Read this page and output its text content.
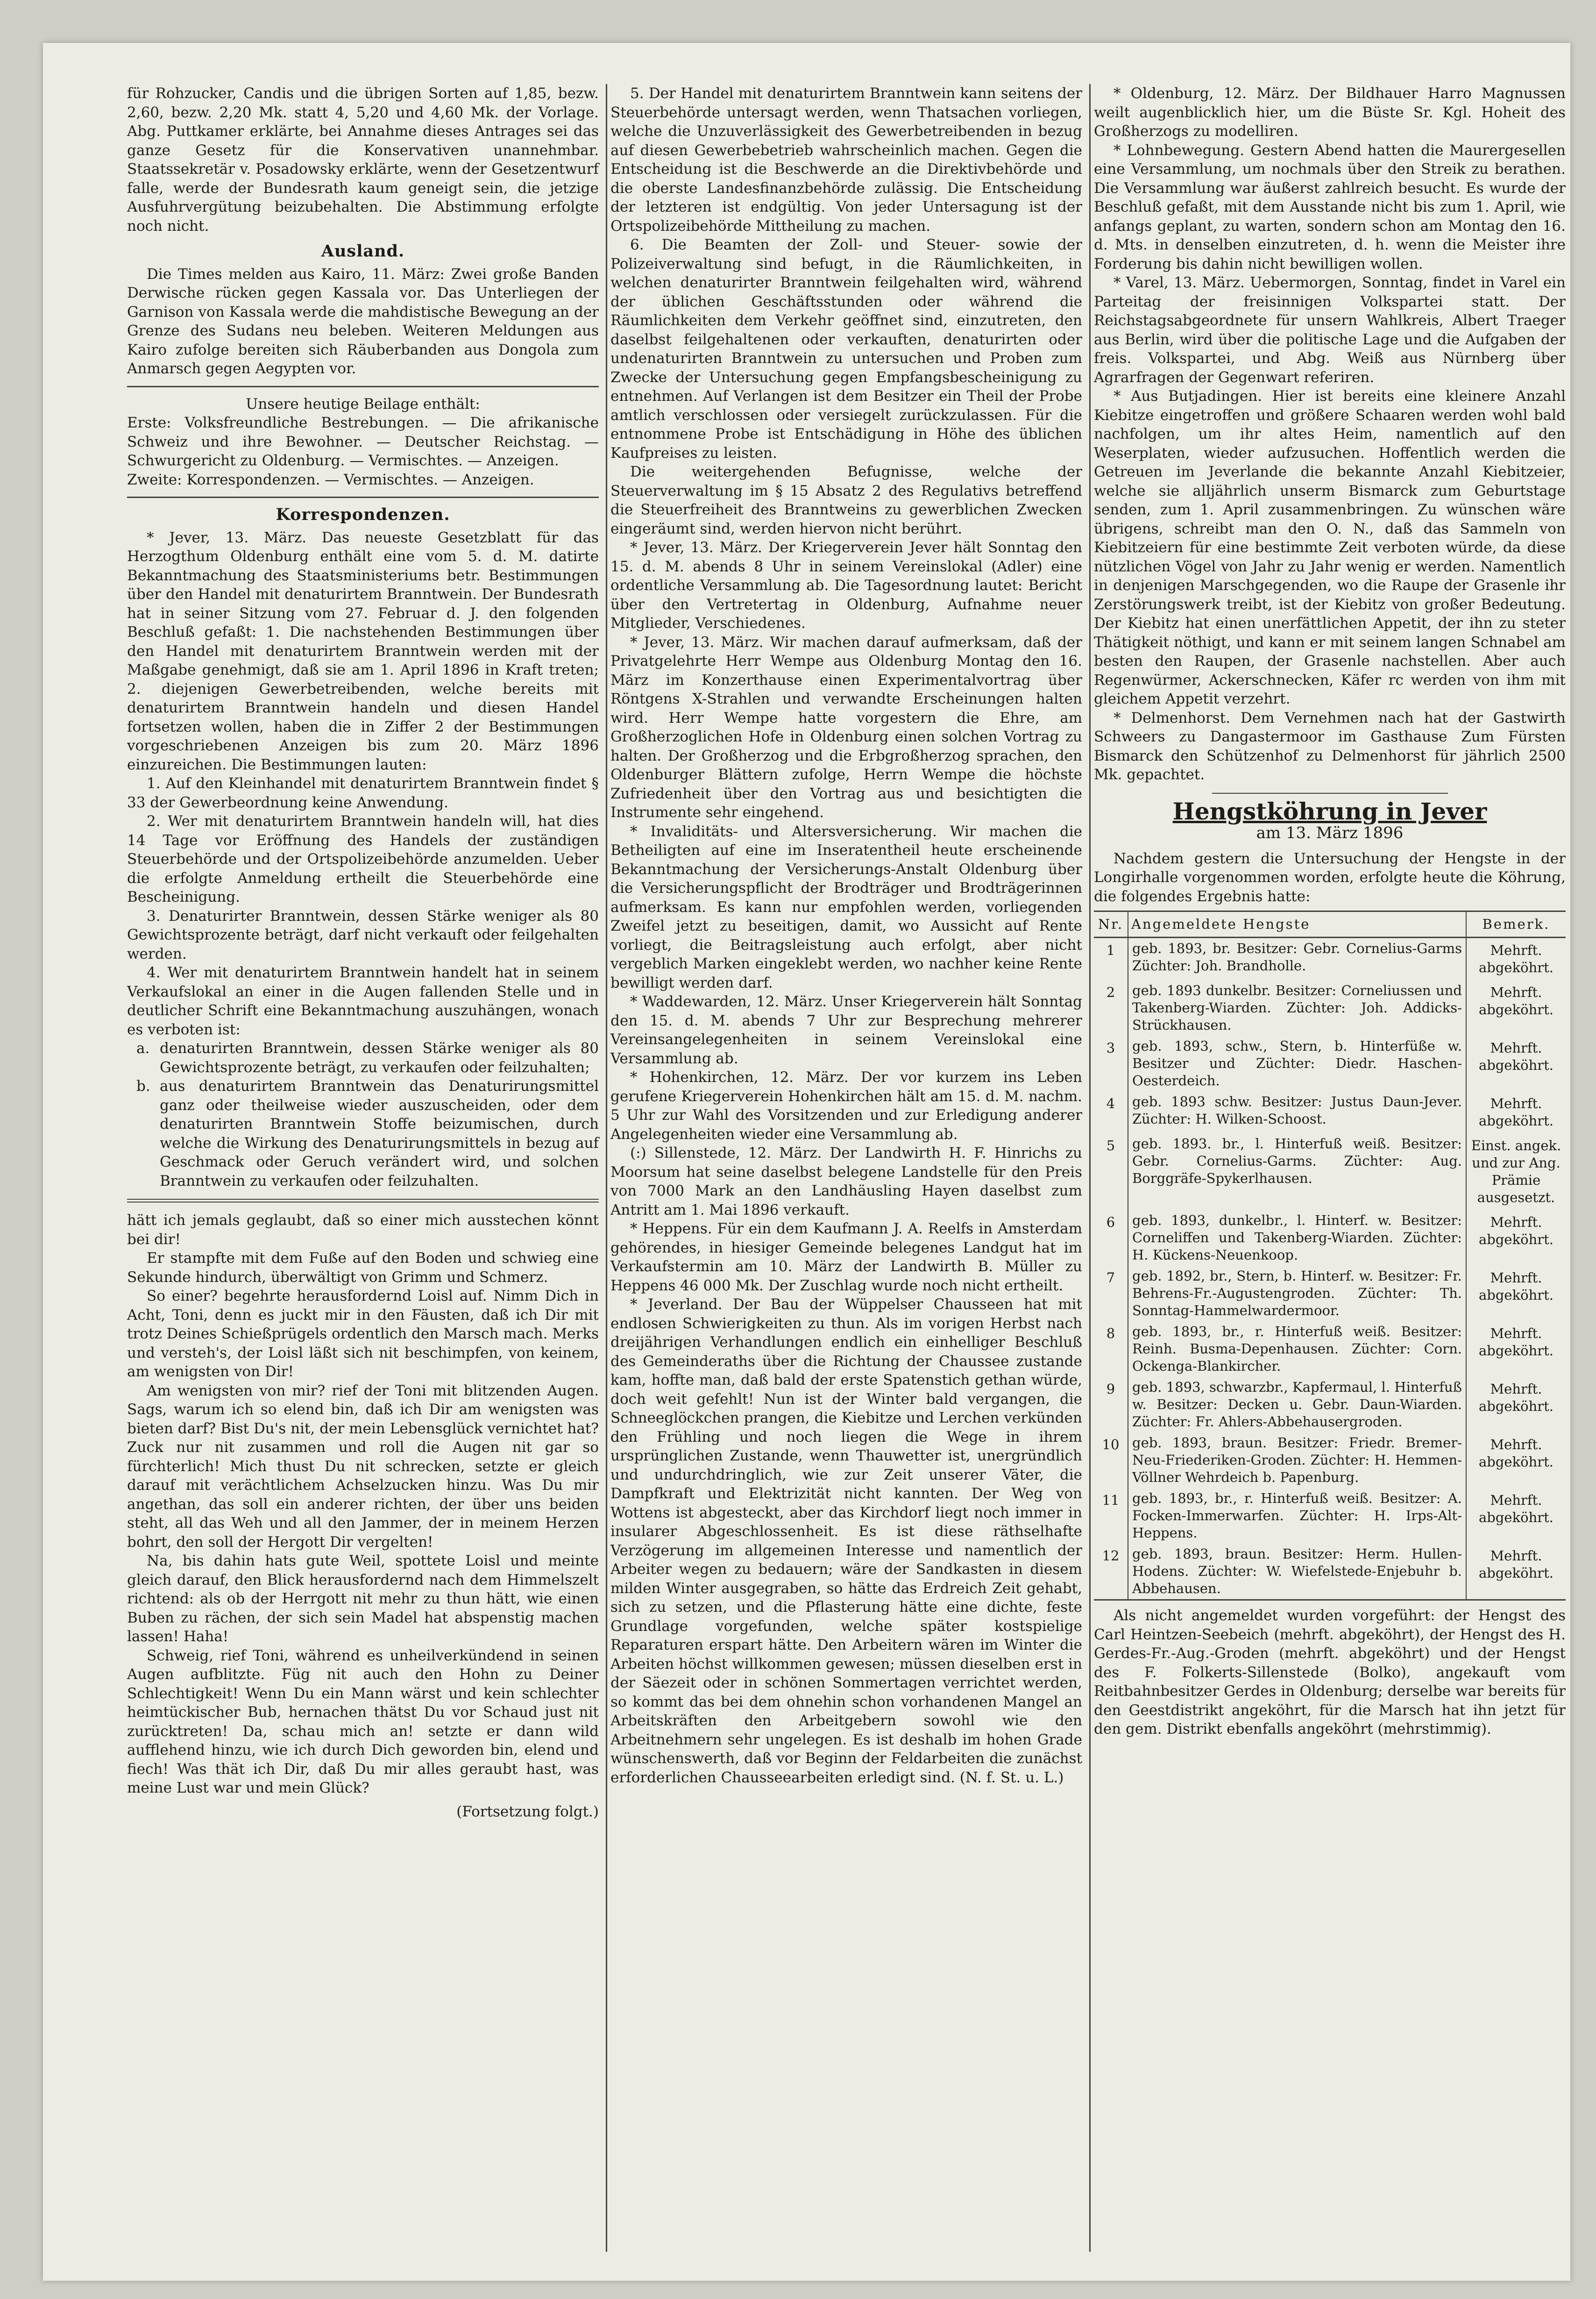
für Rohzucker, Candis und die übrigen Sorten auf 1,85, bezw. 2,60, bezw. 2,20 Mk. statt 4, 5,20 und 4,60 Mk. der Vorlage. Abg. Puttkamer erklärte, bei Annahme dieses Antrages sei das ganze Gesetz für die Konservativen unannehmbar. Staatssekretär v. Posadowsky erklärte, wenn der Gesetzentwurf falle, werde der Bundesrath kaum geneigt sein, die jetzige Ausfuhrvergütung beizubehalten. Die Abstimmung erfolgte noch nicht.

Ausland.

Die Times melden aus Kairo, 11. März: Zwei große Banden Derwische rücken gegen Kassala vor. Das Unterliegen der Garnison von Kassala werde die mahdistische Bewegung an der Grenze des Sudans neu beleben. Weiteren Meldungen aus Kairo zufolge bereiten sich Räuberbanden aus Dongola zum Anmarsch gegen Aegypten vor.

Unsere heutige Beilage enthält:

Erste: Volksfreundliche Bestrebungen. — Die afrikanische Schweiz und ihre Bewohner. — Deutscher Reichstag. — Schwurgericht zu Oldenburg. — Vermischtes. — Anzeigen.

Zweite: Korrespondenzen. — Vermischtes. — Anzeigen.

Korrespondenzen.

* Jever, 13. März. Das neueste Gesetzblatt für das Herzogthum Oldenburg enthält eine vom 5. d. M. datirte Bekanntmachung des Staatsministeriums betr. Bestimmungen über den Handel mit denaturirtem Branntwein. Der Bundesrath hat in seiner Sitzung vom 27. Februar d. J. den folgenden Beschluß gefaßt: 1. Die nachstehenden Bestimmungen über den Handel mit denaturirtem Branntwein werden mit der Maßgabe genehmigt, daß sie am 1. April 1896 in Kraft treten; 2. diejenigen Gewerbetreibenden, welche bereits mit denaturirtem Branntwein handeln und diesen Handel fortsetzen wollen, haben die in Ziffer 2 der Bestimmungen vorgeschriebenen Anzeigen bis zum 20. März 1896 einzureichen. Die Bestimmungen lauten:

1. Auf den Kleinhandel mit denaturirtem Branntwein findet § 33 der Gewerbeordnung keine Anwendung.

2. Wer mit denaturirtem Branntwein handeln will, hat dies 14 Tage vor Eröffnung des Handels der zuständigen Steuerbehörde und der Ortspolizeibehörde anzumelden. Ueber die erfolgte Anmeldung ertheilt die Steuerbehörde eine Bescheinigung.

3. Denaturirter Branntwein, dessen Stärke weniger als 80 Gewichtsprozente beträgt, darf nicht verkauft oder feilgehalten werden.

4. Wer mit denaturirtem Branntwein handelt hat in seinem Verkaufslokal an einer in die Augen fallenden Stelle und in deutlicher Schrift eine Bekanntmachung auszuhängen, wonach es verboten ist:

a. denaturirten Branntwein, dessen Stärke weniger als 80 Gewichtsprozente beträgt, zu verkaufen oder feilzuhalten;

b. aus denaturirtem Branntwein das Denaturirungsmittel ganz oder theilweise wieder auszuscheiden, oder dem denaturirten Branntwein Stoffe beizumischen, durch welche die Wirkung des Denaturirungsmittels in bezug auf Geschmack oder Geruch verändert wird, und solchen Branntwein zu verkaufen oder feilzuhalten.

hätt ich jemals geglaubt, daß so einer mich ausstechen könnt bei dir!

Er stampfte mit dem Fuße auf den Boden und schwieg eine Sekunde hindurch, überwältigt von Grimm und Schmerz.

So einer? begehrte herausfordernd Loisl auf. Nimm Dich in Acht, Toni, denn es juckt mir in den Fäusten, daß ich Dir mit trotz Deines Schießprügels ordentlich den Marsch mach. Merks und versteh's, der Loisl läßt sich nit beschimpfen, von keinem, am wenigsten von Dir!

Am wenigsten von mir? rief der Toni mit blitzenden Augen. Sags, warum ich so elend bin, daß ich Dir am wenigsten was bieten darf? Bist Du's nit, der mein Lebensglück vernichtet hat? Zuck nur nit zusammen und roll die Augen nit gar so fürchterlich! Mich thust Du nit schrecken, setzte er gleich darauf mit verächtlichem Achselzucken hinzu. Was Du mir angethan, das soll ein anderer richten, der über uns beiden steht, all das Weh und all den Jammer, der in meinem Herzen bohrt, den soll der Hergott Dir vergelten!

Na, bis dahin hats gute Weil, spottete Loisl und meinte gleich darauf, den Blick herausfordernd nach dem Himmelszelt richtend: als ob der Herrgott nit mehr zu thun hätt, wie einen Buben zu rächen, der sich sein Madel hat abspenstig machen lassen! Haha!

Schweig, rief Toni, während es unheilverkündend in seinen Augen aufblitzte. Füg nit auch den Hohn zu Deiner Schlechtigkeit! Wenn Du ein Mann wärst und kein schlechter heimtückischer Bub, hernachen thätst Du vor Schaud just nit zurücktreten! Da, schau mich an! setzte er dann wild aufflehend hinzu, wie ich durch Dich geworden bin, elend und fiech! Was thät ich Dir, daß Du mir alles geraubt hast, was meine Lust war und mein Glück?

(Fortsetzung folgt.)

5. Der Handel mit denaturirtem Branntwein kann seitens der Steuerbehörde untersagt werden, wenn Thatsachen vorliegen, welche die Unzuverlässigkeit des Gewerbetreibenden in bezug auf diesen Gewerbebetrieb wahrscheinlich machen. Gegen die Entscheidung ist die Beschwerde an die Direktivbehörde und die oberste Landesfinanzbehörde zulässig. Die Entscheidung der letzteren ist endgültig. Von jeder Untersagung ist der Ortspolizeibehörde Mittheilung zu machen.

6. Die Beamten der Zoll- und Steuer- sowie der Polizeiverwaltung sind befugt, in die Räumlichkeiten, in welchen denaturirter Branntwein feilgehalten wird, während der üblichen Geschäftsstunden oder während die Räumlichkeiten dem Verkehr geöffnet sind, einzutreten, den daselbst feilgehaltenen oder verkauften, denaturirten oder undenaturirten Branntwein zu untersuchen und Proben zum Zwecke der Untersuchung gegen Empfangsbescheinigung zu entnehmen. Auf Verlangen ist dem Besitzer ein Theil der Probe amtlich verschlossen oder versiegelt zurückzulassen. Für die entnommene Probe ist Entschädigung in Höhe des üblichen Kaufpreises zu leisten.

Die weitergehenden Befugnisse, welche der Steuerverwaltung im § 15 Absatz 2 des Regulativs betreffend die Steuerfreiheit des Branntweins zu gewerblichen Zwecken eingeräumt sind, werden hiervon nicht berührt.

* Jever, 13. März. Der Kriegerverein Jever hält Sonntag den 15. d. M. abends 8 Uhr in seinem Vereinslokal (Adler) eine ordentliche Versammlung ab. Die Tagesordnung lautet: Bericht über den Vertretertag in Oldenburg, Aufnahme neuer Mitglieder, Verschiedenes.

* Jever, 13. März. Wir machen darauf aufmerksam, daß der Privatgelehrte Herr Wempe aus Oldenburg Montag den 16. März im Konzerthause einen Experimentalvortrag über Röntgens X-Strahlen und verwandte Erscheinungen halten wird. Herr Wempe hatte vorgestern die Ehre, am Großherzoglichen Hofe in Oldenburg einen solchen Vortrag zu halten. Der Großherzog und die Erbgroßherzog sprachen, den Oldenburger Blättern zufolge, Herrn Wempe die höchste Zufriedenheit über den Vortrag aus und besichtigten die Instrumente sehr eingehend.

* Invaliditäts- und Altersversicherung. Wir machen die Betheiligten auf eine im Inseratentheil heute erscheinende Bekanntmachung der Versicherungs-Anstalt Oldenburg über die Versicherungspflicht der Brodträger und Brodträgerinnen aufmerksam. Es kann nur empfohlen werden, vorliegenden Zweifel jetzt zu beseitigen, damit, wo Aussicht auf Rente vorliegt, die Beitragsleistung auch erfolgt, aber nicht vergeblich Marken eingeklebt werden, wo nachher keine Rente bewilligt werden darf.

* Waddewarden, 12. März. Unser Kriegerverein hält Sonntag den 15. d. M. abends 7 Uhr zur Besprechung mehrerer Vereinsangelegenheiten in seinem Vereinslokal eine Versammlung ab.

* Hohenkirchen, 12. März. Der vor kurzem ins Leben gerufene Kriegerverein Hohenkirchen hält am 15. d. M. nachm. 5 Uhr zur Wahl des Vorsitzenden und zur Erledigung anderer Angelegenheiten wieder eine Versammlung ab.

(:) Sillenstede, 12. März. Der Landwirth H. F. Hinrichs zu Moorsum hat seine daselbst belegene Landstelle für den Preis von 7000 Mark an den Landhäusling Hayen daselbst zum Antritt am 1. Mai 1896 verkauft.

* Heppens. Für ein dem Kaufmann J. A. Reelfs in Amsterdam gehörendes, in hiesiger Gemeinde belegenes Landgut hat im Verkaufstermin am 10. März der Landwirth B. Müller zu Heppens 46 000 Mk. Der Zuschlag wurde noch nicht ertheilt.

* Jeverland. Der Bau der Wüppelser Chausseen hat mit endlosen Schwierigkeiten zu thun. Als im vorigen Herbst nach dreijährigen Verhandlungen endlich ein einhelliger Beschluß des Gemeinderaths über die Richtung der Chaussee zustande kam, hoffte man, daß bald der erste Spatenstich gethan würde, doch weit gefehlt! Nun ist der Winter bald vergangen, die Schneeglöckchen prangen, die Kiebitze und Lerchen verkünden den Frühling und noch liegen die Wege in ihrem ursprünglichen Zustande, wenn Thauwetter ist, unergründlich und undurchdringlich, wie zur Zeit unserer Väter, die Dampfkraft und Elektrizität nicht kannten. Der Weg von Wottens ist abgesteckt, aber das Kirchdorf liegt noch immer in insularer Abgeschlossenheit. Es ist diese räthselhafte Verzögerung im allgemeinen Interesse und namentlich der Arbeiter wegen zu bedauern; wäre der Sandkasten in diesem milden Winter ausgegraben, so hätte das Erdreich Zeit gehabt, sich zu setzen, und die Pflasterung hätte eine dichte, feste Grundlage vorgefunden, welche später kostspielige Reparaturen erspart hätte. Den Arbeitern wären im Winter die Arbeiten höchst willkommen gewesen; müssen dieselben erst in der Säezeit oder in schönen Sommertagen verrichtet werden, so kommt das bei dem ohnehin schon vorhandenen Mangel an Arbeitskräften den Arbeitgebern sowohl wie den Arbeitnehmern sehr ungelegen. Es ist deshalb im hohen Grade wünschenswerth, daß vor Beginn der Feldarbeiten die zunächst erforderlichen Chausseearbeiten erledigt sind. (N. f. St. u. L.)

* Oldenburg, 12. März. Der Bildhauer Harro Magnussen weilt augenblicklich hier, um die Büste Sr. Kgl. Hoheit des Großherzogs zu modelliren.

* Lohnbewegung. Gestern Abend hatten die Maurergesellen eine Versammlung, um nochmals über den Streik zu berathen. Die Versammlung war äußerst zahlreich besucht. Es wurde der Beschluß gefaßt, mit dem Ausstande nicht bis zum 1. April, wie anfangs geplant, zu warten, sondern schon am Montag den 16. d. Mts. in denselben einzutreten, d. h. wenn die Meister ihre Forderung bis dahin nicht bewilligen wollen.

* Varel, 13. März. Uebermorgen, Sonntag, findet in Varel ein Parteitag der freisinnigen Volkspartei statt. Der Reichstagsabgeordnete für unsern Wahlkreis, Albert Traeger aus Berlin, wird über die politische Lage und die Aufgaben der freis. Volkspartei, und Abg. Weiß aus Nürnberg über Agrarfragen der Gegenwart referiren.

* Aus Butjadingen. Hier ist bereits eine kleinere Anzahl Kiebitze eingetroffen und größere Schaaren werden wohl bald nachfolgen, um ihr altes Heim, namentlich auf den Weserplaten, wieder aufzusuchen. Hoffentlich werden die Getreuen im Jeverlande die bekannte Anzahl Kiebitzeier, welche sie alljährlich unserm Bismarck zum Geburtstage senden, zum 1. April zusammenbringen. Zu wünschen wäre übrigens, schreibt man den O. N., daß das Sammeln von Kiebitzeiern für eine bestimmte Zeit verboten würde, da diese nützlichen Vögel von Jahr zu Jahr wenig er werden. Namentlich in denjenigen Marschgegenden, wo die Raupe der Grasenle ihr Zerstörungswerk treibt, ist der Kiebitz von großer Bedeutung. Der Kiebitz hat einen unerfättlichen Appetit, der ihn zu steter Thätigkeit nöthigt, und kann er mit seinem langen Schnabel am besten den Raupen, der Grasenle nachstellen. Aber auch Regenwürmer, Ackerschnecken, Käfer rc werden von ihm mit gleichem Appetit verzehrt.

* Delmenhorst. Dem Vernehmen nach hat der Gastwirth Schweers zu Dangastermoor im Gasthause Zum Fürsten Bismarck den Schützenhof zu Delmenhorst für jährlich 2500 Mk. gepachtet.

Hengstköhrung in Jever

am 13. März 1896

Nachdem gestern die Untersuchung der Hengste in der Longirhalle vorgenommen worden, erfolgte heute die Köhrung, die folgendes Ergebnis hatte:

Nr.	Angemeldete Hengste	Bemerk.
1	geb. 1893, br. Besitzer: Gebr. Cornelius-Garms Züchter: Joh. Brandholle.	Mehrft. abgeköhrt.
2	geb. 1893 dunkelbr. Besitzer: Corneliussen und Takenberg-Wiarden. Züchter: Joh. Addicks-Strückhausen.	Mehrft. abgeköhrt.
3	geb. 1893, schw., Stern, b. Hinterfüße w. Besitzer und Züchter: Diedr. Haschen-Oesterdeich.	Mehrft. abgeköhrt.
4	geb. 1893 schw. Besitzer: Justus Daun-Jever. Züchter: H. Wilken-Schoost.	Mehrft. abgeköhrt.
5	geb. 1893. br., l. Hinterfuß weiß. Besitzer: Gebr. Cornelius-Garms. Züchter: Aug. Borggräfe-Spykerlhausen.	Einst. angek. und zur Ang. Prämie ausgesetzt.
6	geb. 1893, dunkelbr., l. Hinterf. w. Besitzer: Corneliffen und Takenberg-Wiarden. Züchter: H. Kückens-Neuenkoop.	Mehrft. abgeköhrt.
7	geb. 1892, br., Stern, b. Hinterf. w. Besitzer: Fr. Behrens-Fr.-Augustengroden. Züchter: Th. Sonntag-Hammelwardermoor.	Mehrft. abgeköhrt.
8	geb. 1893, br., r. Hinterfuß weiß. Besitzer: Reinh. Busma-Depenhausen. Züchter: Corn. Ockenga-Blankircher.	Mehrft. abgeköhrt.
9	geb. 1893, schwarzbr., Kapfermaul, l. Hinterfuß w. Besitzer: Decken u. Gebr. Daun-Wiarden. Züchter: Fr. Ahlers-Abbehausergroden.	Mehrft. abgeköhrt.
10	geb. 1893, braun. Besitzer: Friedr. Bremer-Neu-Friederiken-Groden. Züchter: H. Hemmen-Völlner Wehrdeich b. Papenburg.	Mehrft. abgeköhrt.
11	geb. 1893, br., r. Hinterfuß weiß. Besitzer: A. Focken-Immerwarfen. Züchter: H. Irps-Alt-Heppens.	Mehrft. abgeköhrt.
12	geb. 1893, braun. Besitzer: Herm. Hullen-Hodens. Züchter: W. Wiefelstede-Enjebuhr b. Abbehausen.	Mehrft. abgeköhrt.

Als nicht angemeldet wurden vorgeführt: der Hengst des Carl Heintzen-Seebeich (mehrft. abgeköhrt), der Hengst des H. Gerdes-Fr.-Aug.-Groden (mehrft. abgeköhrt) und der Hengst des F. Folkerts-Sillenstede (Bolko), angekauft vom Reitbahnbesitzer Gerdes in Oldenburg; derselbe war bereits für den Geestdistrikt angeköhrt, für die Marsch hat ihn jetzt für den gem. Distrikt ebenfalls angeköhrt (mehrstimmig).
